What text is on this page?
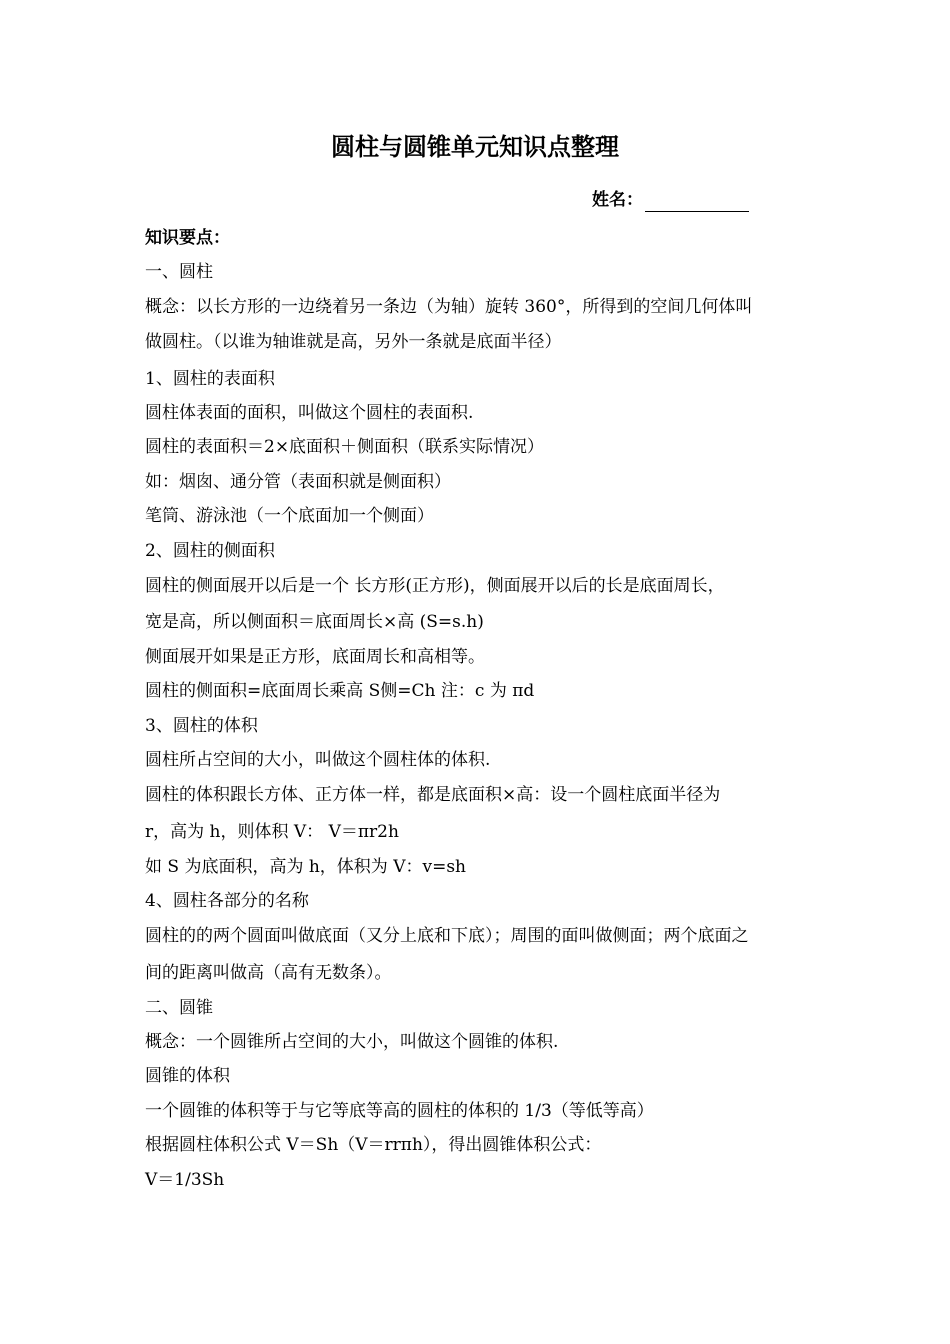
圆柱与圆锥单元知识点整理
姓名：
知识要点：
一、圆柱
概念：以长方形的一边绕着另一条边（为轴）旋转 360°，所得到的空间几何体叫
做圆柱。（以谁为轴谁就是高，另外一条就是底面半径）
1、圆柱的表面积
圆柱体表面的面积，叫做这个圆柱的表面积.
圆柱的表面积＝2×底面积＋侧面积（联系实际情况）
如：烟囱、通分管（表面积就是侧面积）
笔筒、游泳池（一个底面加一个侧面）
2、圆柱的侧面积
圆柱的侧面展开以后是一个 长方形(正方形)，侧面展开以后的长是底面周长，
宽是高，所以侧面积＝底面周长×高 (S=s.h)
侧面展开如果是正方形，底面周长和高相等。
圆柱的侧面积=底面周长乘高 S侧=Ch 注：c 为 πd
3、圆柱的体积
圆柱所占空间的大小，叫做这个圆柱体的体积.
圆柱的体积跟长方体、正方体一样，都是底面积×高：设一个圆柱底面半径为
r，高为 h，则体积 V： V＝πr2h
如 S 为底面积，高为 h，体积为 V：v=sh
4、圆柱各部分的名称
圆柱的的两个圆面叫做底面（又分上底和下底）；周围的面叫做侧面；两个底面之
间的距离叫做高（高有无数条）。
二、圆锥
概念：一个圆锥所占空间的大小，叫做这个圆锥的体积.
圆锥的体积
一个圆锥的体积等于与它等底等高的圆柱的体积的 1/3（等低等高）
根据圆柱体积公式 V＝Sh（V＝rrπh），得出圆锥体积公式：
V＝1/3Sh
